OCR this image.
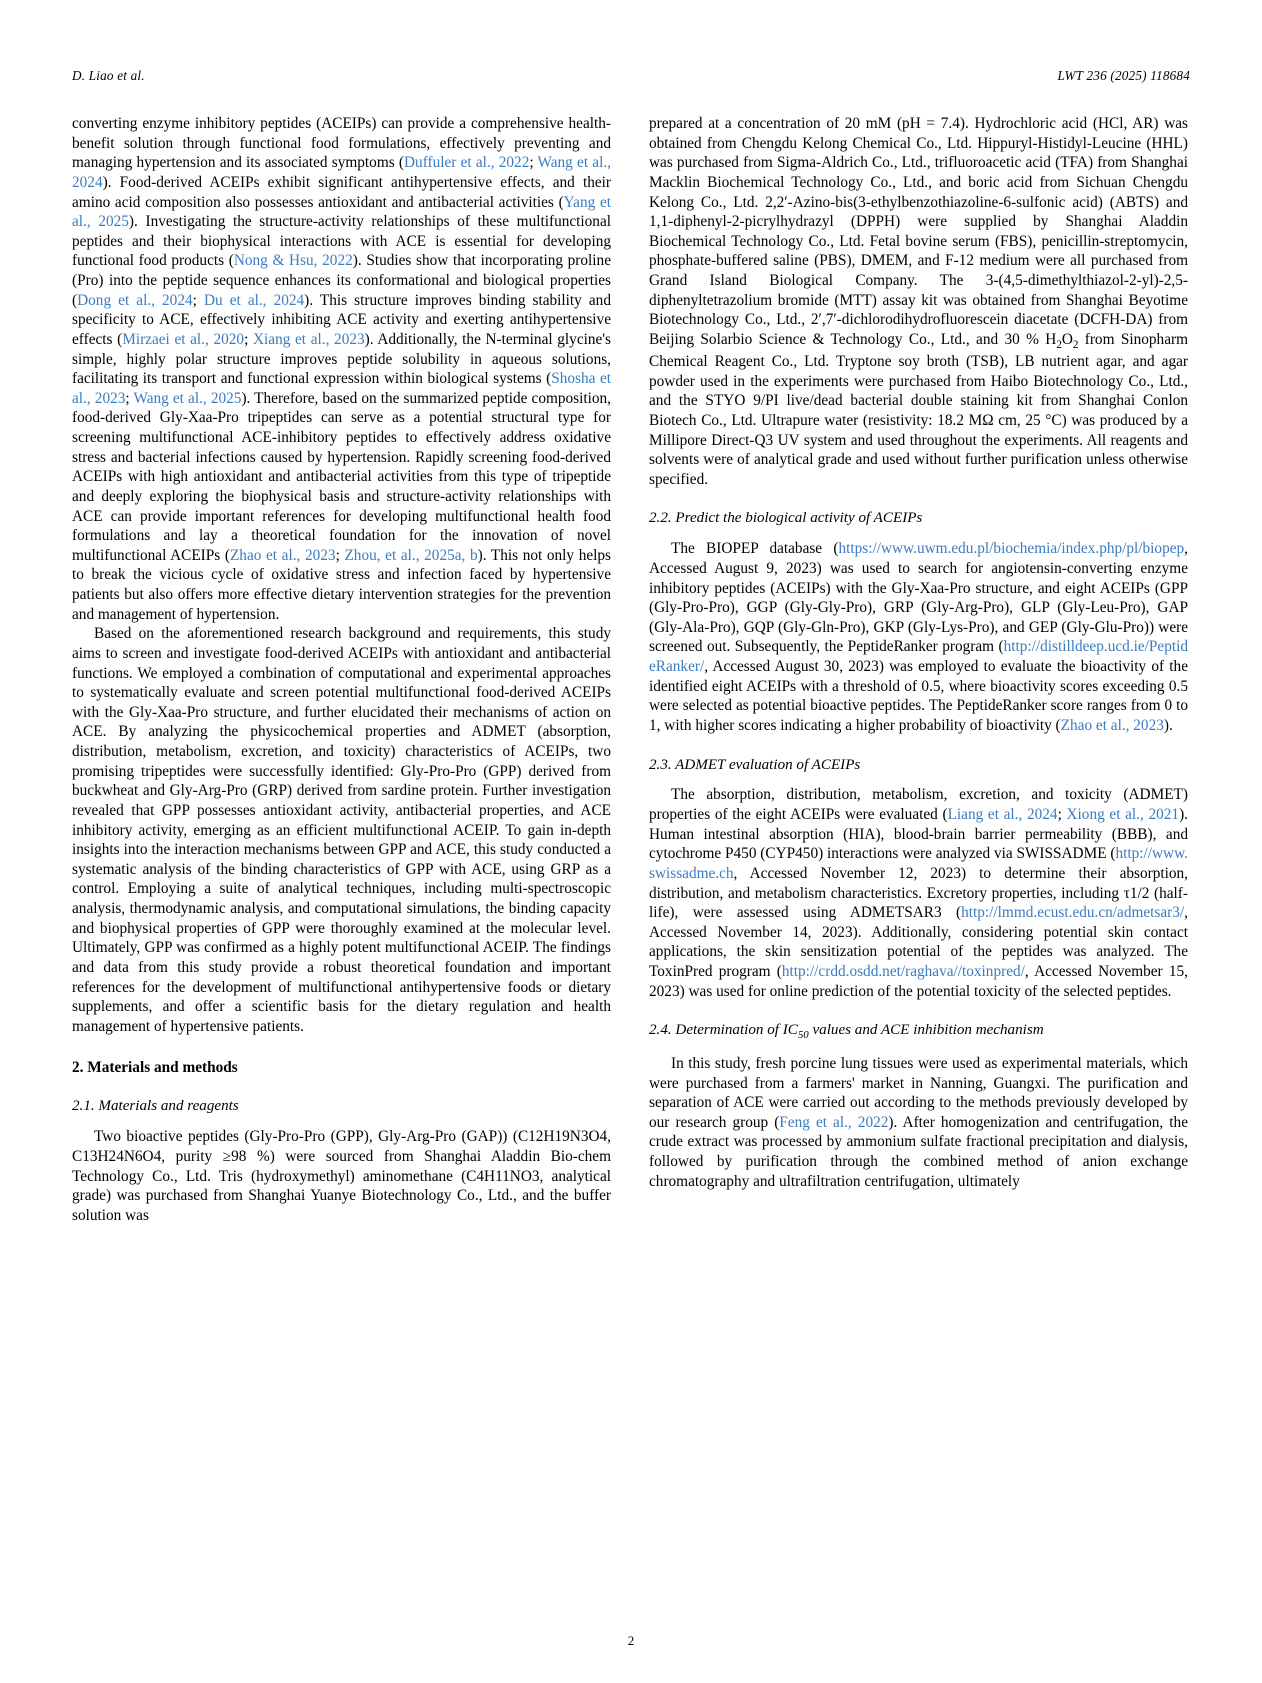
D. Liao et al.	LWT 236 (2025) 118684

converting enzyme inhibitory peptides (ACEIPs) can provide a comprehensive health-benefit solution through functional food formulations, effectively preventing and managing hypertension and its associated symptoms (Duffuler et al., 2022; Wang et al., 2024). Food-derived ACEIPs exhibit significant antihypertensive effects, and their amino acid composition also possesses antioxidant and antibacterial activities (Yang et al., 2025). Investigating the structure-activity relationships of these multifunctional peptides and their biophysical interactions with ACE is essential for developing functional food products (Nong & Hsu, 2022). Studies show that incorporating proline (Pro) into the peptide sequence enhances its conformational and biological properties (Dong et al., 2024; Du et al., 2024). This structure improves binding stability and specificity to ACE, effectively inhibiting ACE activity and exerting antihypertensive effects (Mirzaei et al., 2020; Xiang et al., 2023). Additionally, the N-terminal glycine's simple, highly polar structure improves peptide solubility in aqueous solutions, facilitating its transport and functional expression within biological systems (Shosha et al., 2023; Wang et al., 2025). Therefore, based on the summarized peptide composition, food-derived Gly-Xaa-Pro tripeptides can serve as a potential structural type for screening multifunctional ACE-inhibitory peptides to effectively address oxidative stress and bacterial infections caused by hypertension. Rapidly screening food-derived ACEIPs with high antioxidant and antibacterial activities from this type of tripeptide and deeply exploring the biophysical basis and structure-activity relationships with ACE can provide important references for developing multifunctional health food formulations and lay a theoretical foundation for the innovation of novel multifunctional ACEIPs (Zhao et al., 2023; Zhou, et al., 2025a, b). This not only helps to break the vicious cycle of oxidative stress and infection faced by hypertensive patients but also offers more effective dietary intervention strategies for the prevention and management of hypertension.

Based on the aforementioned research background and requirements, this study aims to screen and investigate food-derived ACEIPs with antioxidant and antibacterial functions. We employed a combination of computational and experimental approaches to systematically evaluate and screen potential multifunctional food-derived ACEIPs with the Gly-Xaa-Pro structure, and further elucidated their mechanisms of action on ACE. By analyzing the physicochemical properties and ADMET (absorption, distribution, metabolism, excretion, and toxicity) characteristics of ACEIPs, two promising tripeptides were successfully identified: Gly-Pro-Pro (GPP) derived from buckwheat and Gly-Arg-Pro (GRP) derived from sardine protein. Further investigation revealed that GPP possesses antioxidant activity, antibacterial properties, and ACE inhibitory activity, emerging as an efficient multifunctional ACEIP. To gain in-depth insights into the interaction mechanisms between GPP and ACE, this study conducted a systematic analysis of the binding characteristics of GPP with ACE, using GRP as a control. Employing a suite of analytical techniques, including multi-spectroscopic analysis, thermodynamic analysis, and computational simulations, the binding capacity and biophysical properties of GPP were thoroughly examined at the molecular level. Ultimately, GPP was confirmed as a highly potent multifunctional ACEIP. The findings and data from this study provide a robust theoretical foundation and important references for the development of multifunctional antihypertensive foods or dietary supplements, and offer a scientific basis for the dietary regulation and health management of hypertensive patients.

2. Materials and methods
2.1. Materials and reagents

Two bioactive peptides (Gly-Pro-Pro (GPP), Gly-Arg-Pro (GAP)) (C12H19N3O4, C13H24N6O4, purity ≥98 %) were sourced from Shanghai Aladdin Bio-chem Technology Co., Ltd. Tris (hydroxymethyl) aminomethane (C4H11NO3, analytical grade) was purchased from Shanghai Yuanye Biotechnology Co., Ltd., and the buffer solution was

prepared at a concentration of 20 mM (pH = 7.4). Hydrochloric acid (HCl, AR) was obtained from Chengdu Kelong Chemical Co., Ltd. Hippuryl-Histidyl-Leucine (HHL) was purchased from Sigma-Aldrich Co., Ltd., trifluoroacetic acid (TFA) from Shanghai Macklin Biochemical Technology Co., Ltd., and boric acid from Sichuan Chengdu Kelong Co., Ltd. 2,2′-Azino-bis(3-ethylbenzothiazoline-6-sulfonic acid) (ABTS) and 1,1-diphenyl-2-picrylhydrazyl (DPPH) were supplied by Shanghai Aladdin Biochemical Technology Co., Ltd. Fetal bovine serum (FBS), penicillin-streptomycin, phosphate-buffered saline (PBS), DMEM, and F-12 medium were all purchased from Grand Island Biological Company. The 3-(4,5-dimethylthiazol-2-yl)-2,5-diphenyltetrazolium bromide (MTT) assay kit was obtained from Shanghai Beyotime Biotechnology Co., Ltd., 2′,7′-dichlorodihydrofluorescein diacetate (DCFH-DA) from Beijing Solarbio Science & Technology Co., Ltd., and 30 % $H_2O_2$ from Sinopharm Chemical Reagent Co., Ltd. Tryptone soy broth (TSB), LB nutrient agar, and agar powder used in the experiments were purchased from Haibo Biotechnology Co., Ltd., and the STYO 9/PI live/dead bacterial double staining kit from Shanghai Conlon Biotech Co., Ltd. Ultrapure water (resistivity: 18.2 MΩ cm, 25 °C) was produced by a Millipore Direct-Q3 UV system and used throughout the experiments. All reagents and solvents were of analytical grade and used without further purification unless otherwise specified.

2.2. Predict the biological activity of ACEIPs

The BIOPEP database (https://www.uwm.edu.pl/biochemia/index.php/pl/biopep, Accessed August 9, 2023) was used to search for angiotensin-converting enzyme inhibitory peptides (ACEIPs) with the Gly-Xaa-Pro structure, and eight ACEIPs (GPP (Gly-Pro-Pro), GGP (Gly-Gly-Pro), GRP (Gly-Arg-Pro), GLP (Gly-Leu-Pro), GAP (Gly-Ala-Pro), GQP (Gly-Gln-Pro), GKP (Gly-Lys-Pro), and GEP (Gly-Glu-Pro)) were screened out. Subsequently, the PeptideRanker program (http://distilldeep.ucd.ie/PeptideRanker/, Accessed August 30, 2023) was employed to evaluate the bioactivity of the identified eight ACEIPs with a threshold of 0.5, where bioactivity scores exceeding 0.5 were selected as potential bioactive peptides. The PeptideRanker score ranges from 0 to 1, with higher scores indicating a higher probability of bioactivity (Zhao et al., 2023).

2.3. ADMET evaluation of ACEIPs

The absorption, distribution, metabolism, excretion, and toxicity (ADMET) properties of the eight ACEIPs were evaluated (Liang et al., 2024; Xiong et al., 2021). Human intestinal absorption (HIA), blood-brain barrier permeability (BBB), and cytochrome P450 (CYP450) interactions were analyzed via SWISSADME (http://www.swissadme.ch, Accessed November 12, 2023) to determine their absorption, distribution, and metabolism characteristics. Excretory properties, including τ1/2 (half-life), were assessed using ADMETSAR3 (http://lmmd.ecust.edu.cn/admetsar3/, Accessed November 14, 2023). Additionally, considering potential skin contact applications, the skin sensitization potential of the peptides was analyzed. The ToxinPred program (http://crdd.osdd.net/raghava//toxinpred/, Accessed November 15, 2023) was used for online prediction of the potential toxicity of the selected peptides.

2.4. Determination of $IC_{50}$ values and ACE inhibition mechanism

In this study, fresh porcine lung tissues were used as experimental materials, which were purchased from a farmers' market in Nanning, Guangxi. The purification and separation of ACE were carried out according to the methods previously developed by our research group (Feng et al., 2022). After homogenization and centrifugation, the crude extract was processed by ammonium sulfate fractional precipitation and dialysis, followed by purification through the combined method of anion exchange chromatography and ultrafiltration centrifugation, ultimately

2
